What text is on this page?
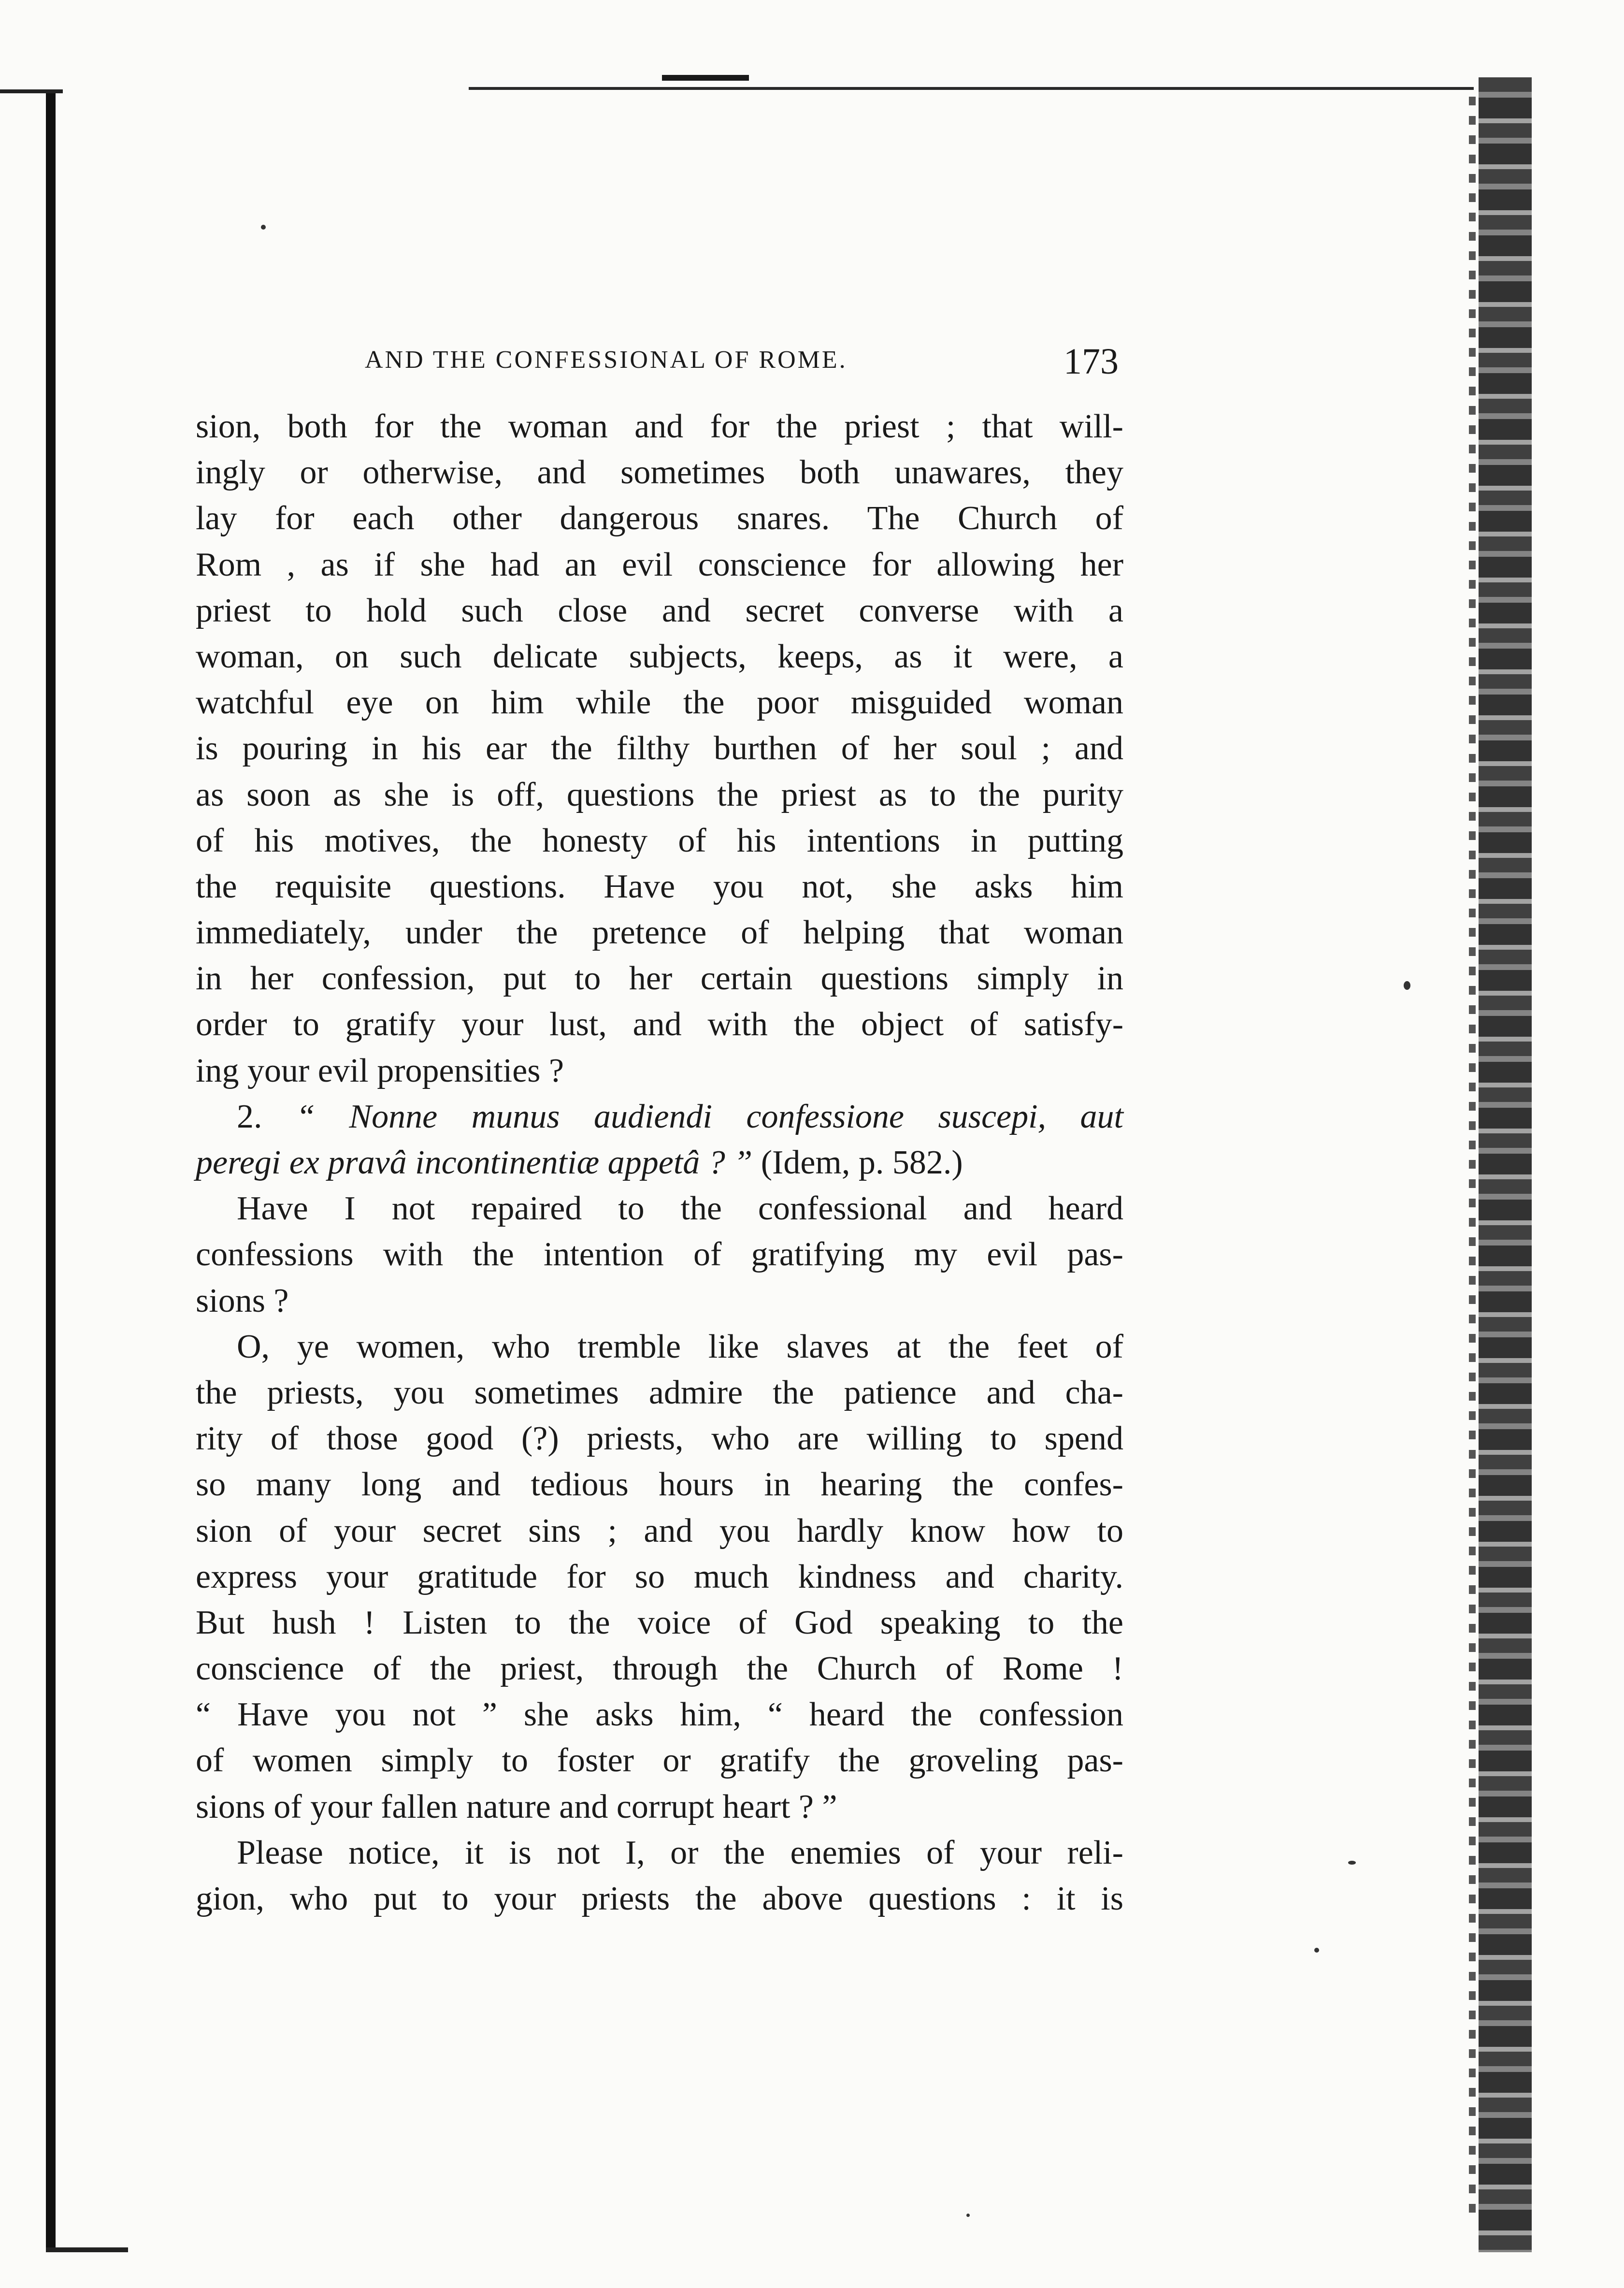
AND THE CONFESSIONAL OF ROME.	173
sion, both for the woman and for the priest ; that will-
ingly or otherwise, and sometimes both unawares, they
lay for each other dangerous snares. The Church of
Rom , as if she had an evil conscience for allowing her
priest to hold such close and secret converse with a
woman, on such delicate subjects, keeps, as it were, a
watchful eye on him while the poor misguided woman
is pouring in his ear the filthy burthen of her soul ; and
as soon as she is off, questions the priest as to the purity
of his motives, the honesty of his intentions in putting
the requisite questions. Have you not, she asks him
immediately, under the pretence of helping that woman
in her confession, put to her certain questions simply in
order to gratify your lust, and with the object of satisfy-
ing your evil propensities ?
2. “ Nonne munus audiendi confessione suscepi, aut
peregi ex pravâ incontinentiæ appetâ ? ” (Idem, p. 582.)
Have I not repaired to the confessional and heard
confessions with the intention of gratifying my evil pas-
sions ?
O, ye women, who tremble like slaves at the feet of
the priests, you sometimes admire the patience and cha-
rity of those good (?) priests, who are willing to spend
so many long and tedious hours in hearing the confes-
sion of your secret sins ; and you hardly know how to
express your gratitude for so much kindness and charity.
But hush ! Listen to the voice of God speaking to the
conscience of the priest, through the Church of Rome !
“ Have you not ” she asks him, “ heard the confession
of women simply to foster or gratify the groveling pas-
sions of your fallen nature and corrupt heart ? ”
Please notice, it is not I, or the enemies of your reli-
gion, who put to your priests the above questions : it is
